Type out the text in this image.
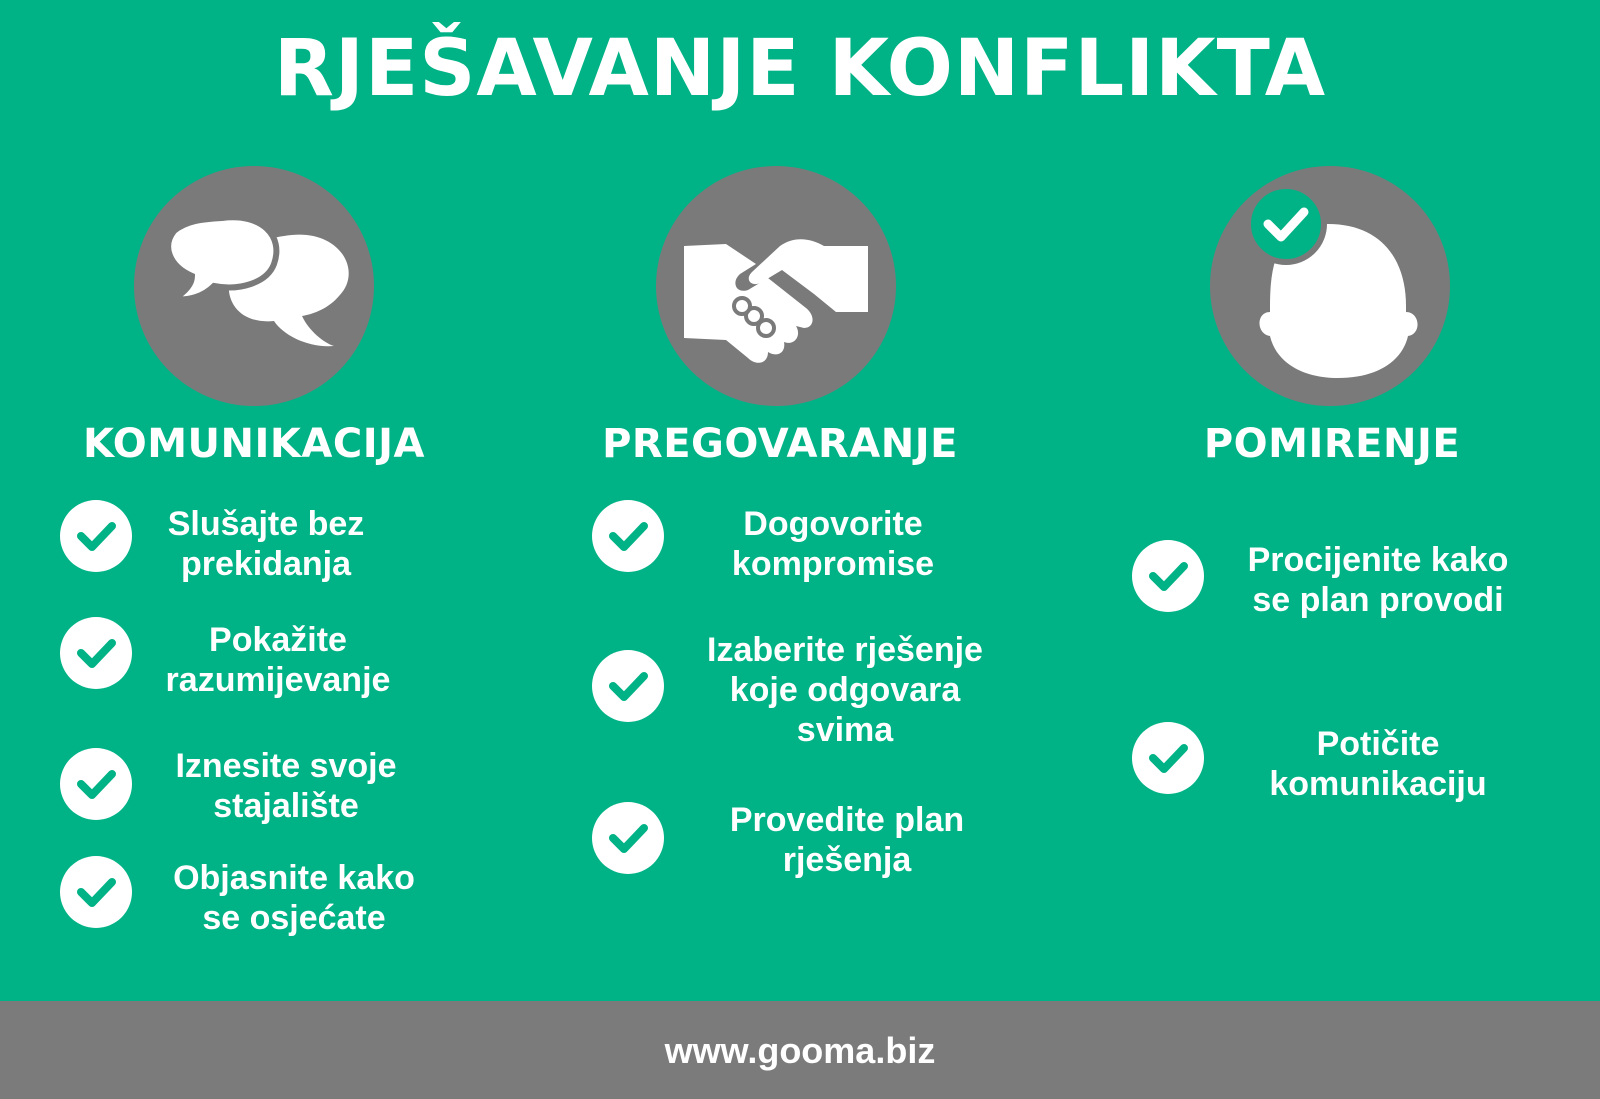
RJEŠAVANJE KONFLIKTA
KOMUNIKACIJA
Slušajte bez
prekidanja
Pokažite
razumijevanje
Iznesite svoje
stajalište
Objasnite kako
se osjećate
PREGOVARANJE
Dogovorite
kompromise
Izaberite rješenje
koje odgovara
svima
Provedite plan
rješenja
POMIRENJE
Procijenite kako
se plan provodi
Potičite
komunikaciju
www.gooma.biz
